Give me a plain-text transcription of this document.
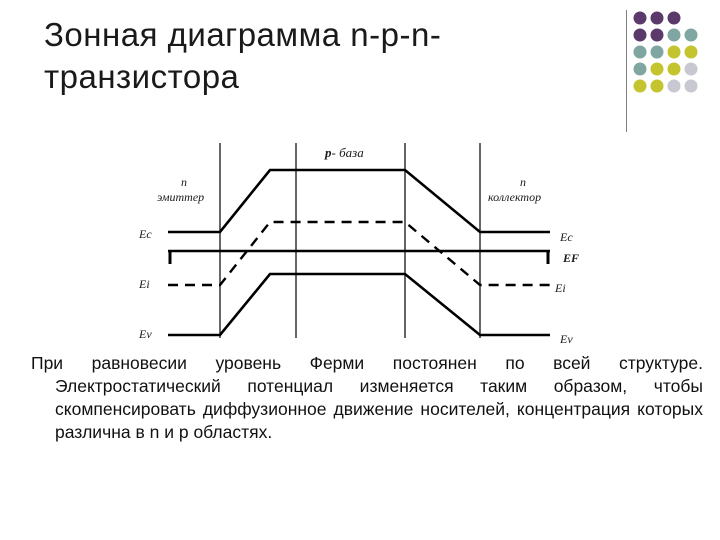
Зонная диаграмма n-p-n-
транзистора
p- база
n
эмиттер
n
коллектор
Ec
Ei
Ev
Ec
EF
Ei
Ev

При равновесии уровень Ферми постоянен по всей структуре. Электростатический потенциал изменяется таким образом, чтобы скомпенсировать диффузионное движение носителей, концентрация которых различна в n и p областях.
